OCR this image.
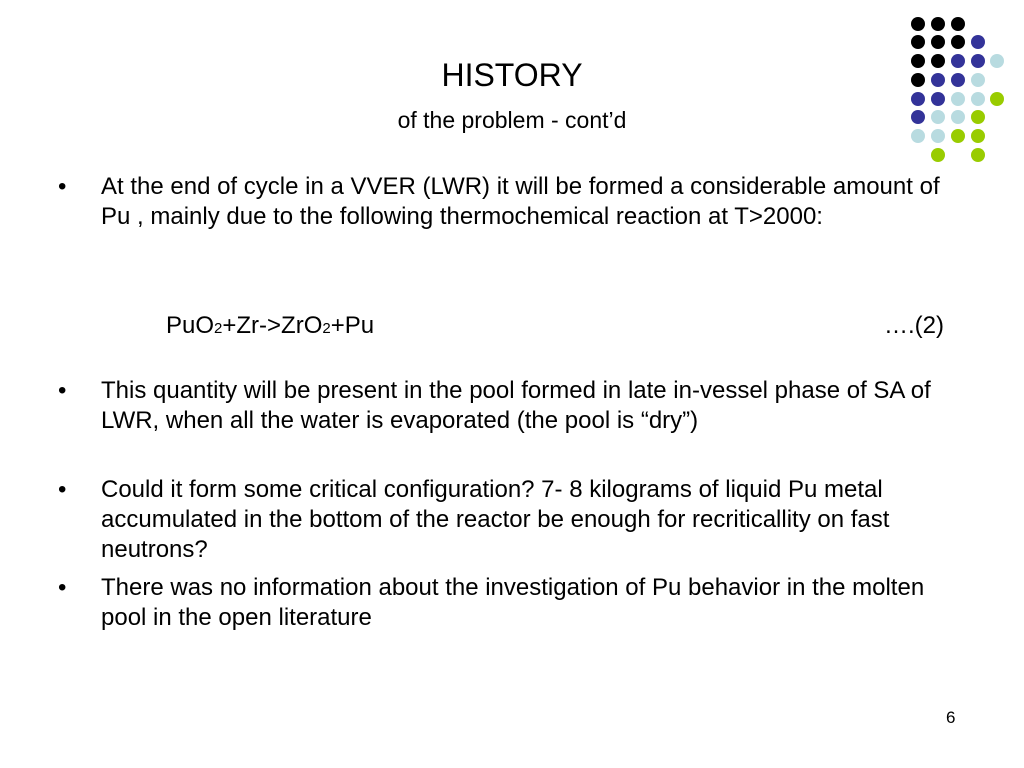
HISTORY
of the problem - cont’d
• At the end of cycle in a VVER (LWR) it will be formed a considerable amount of Pu , mainly due to the following thermochemical reaction at T>2000:
• This quantity will be present in the pool formed in late in-vessel phase of SA of LWR, when all the water is evaporated (the pool is “dry”)
• Could it form some critical configuration? 7- 8 kilograms of liquid Pu metal accumulated in the bottom of the reactor be enough for recriticallity on fast neutrons?
• There was no information about the investigation of Pu behavior in the molten pool in the open literature
PuO2+Zr->ZrO2+Pu	….(2)
6
